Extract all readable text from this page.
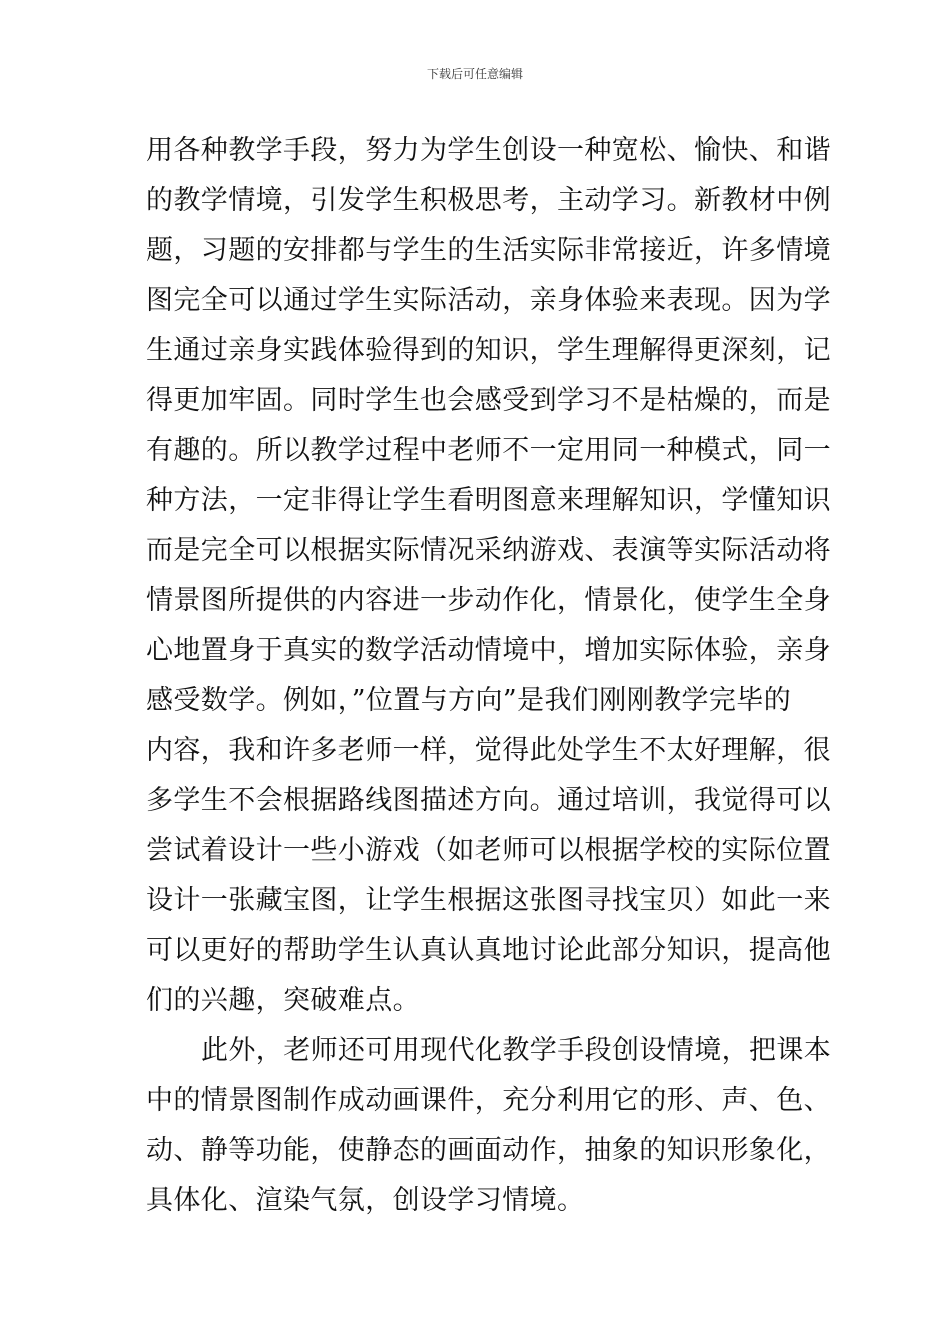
下载后可任意编辑
用各种教学手段，努力为学生创设一种宽松、愉快、和谐
的教学情境，引发学生积极思考，主动学习。新教材中例
题，习题的安排都与学生的生活实际非常接近，许多情境
图完全可以通过学生实际活动，亲身体验来表现。因为学
生通过亲身实践体验得到的知识，学生理解得更深刻，记
得更加牢固。同时学生也会感受到学习不是枯燥的，而是
有趣的。所以教学过程中老师不一定用同一种模式，同一
种方法，一定非得让学生看明图意来理解知识，学懂知识
而是完全可以根据实际情况采纳游戏、表演等实际活动将
情景图所提供的内容进一步动作化，情景化，使学生全身
心地置身于真实的数学活动情境中，增加实际体验，亲身
感受数学。例如，”位置与方向”是我们刚刚教学完毕的
内容，我和许多老师一样，觉得此处学生不太好理解，很
多学生不会根据路线图描述方向。通过培训，我觉得可以
尝试着设计一些小游戏（如老师可以根据学校的实际位置
设计一张藏宝图，让学生根据这张图寻找宝贝）如此一来
可以更好的帮助学生认真认真地讨论此部分知识，提高他
们的兴趣，突破难点。
此外，老师还可用现代化教学手段创设情境，把课本
中的情景图制作成动画课件，充分利用它的形、声、色、
动、静等功能，使静态的画面动作，抽象的知识形象化，
具体化、渲染气氛，创设学习情境。
